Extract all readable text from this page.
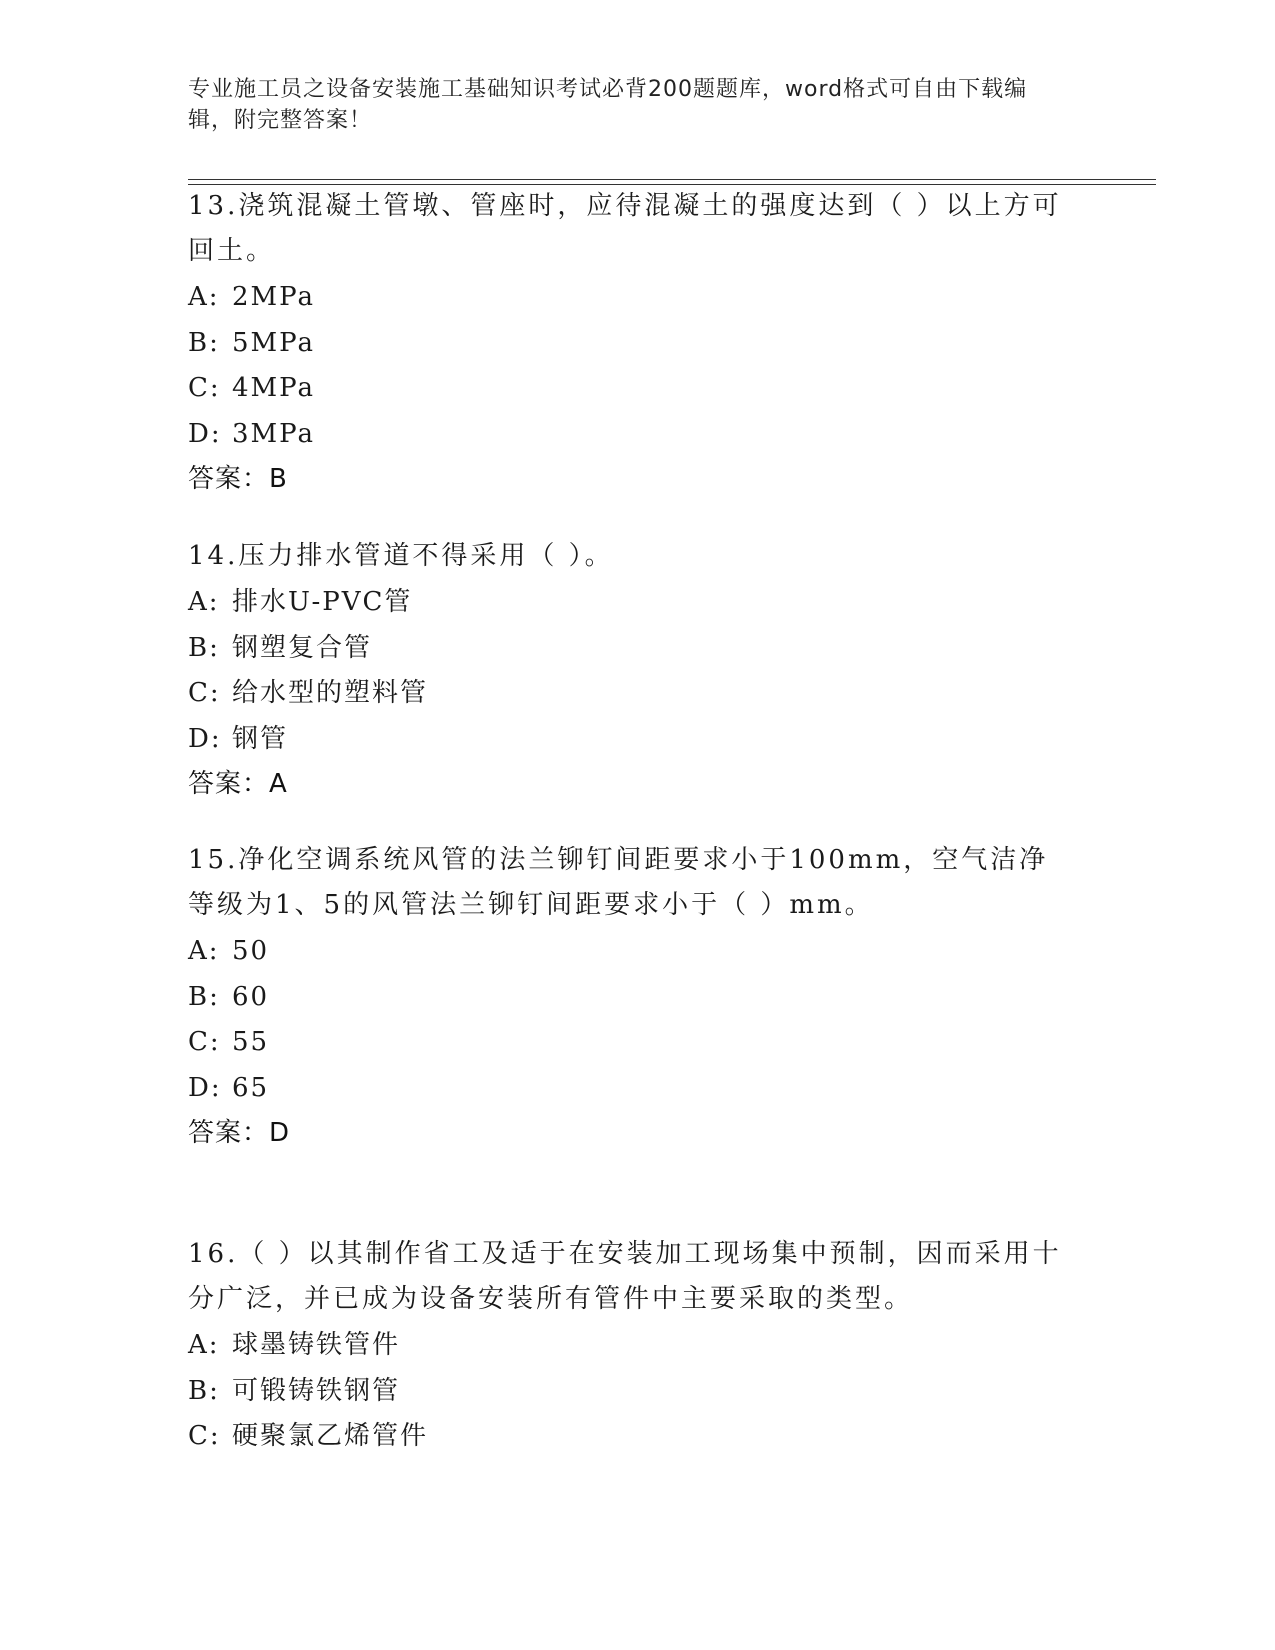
专业施工员之设备安装施工基础知识考试必背200题题库，word格式可自由下载编辑，附完整答案！
13.浇筑混凝土管墩、管座时，应待混凝土的强度达到（ ）以上方可回土。
A: 2MPa
B: 5MPa
C: 4MPa
D: 3MPa
答案：B
14.压力排水管道不得采用（ ）。
A: 排水U-PVC管
B: 钢塑复合管
C: 给水型的塑料管
D: 钢管
答案：A
15.净化空调系统风管的法兰铆钉间距要求小于100mm，空气洁净等级为1、5的风管法兰铆钉间距要求小于（ ）mm。
A: 50
B: 60
C: 55
D: 65
答案：D
16.（ ）以其制作省工及适于在安装加工现场集中预制，因而采用十分广泛，并已成为设备安装所有管件中主要采取的类型。
A: 球墨铸铁管件
B: 可锻铸铁钢管
C: 硬聚氯乙烯管件
